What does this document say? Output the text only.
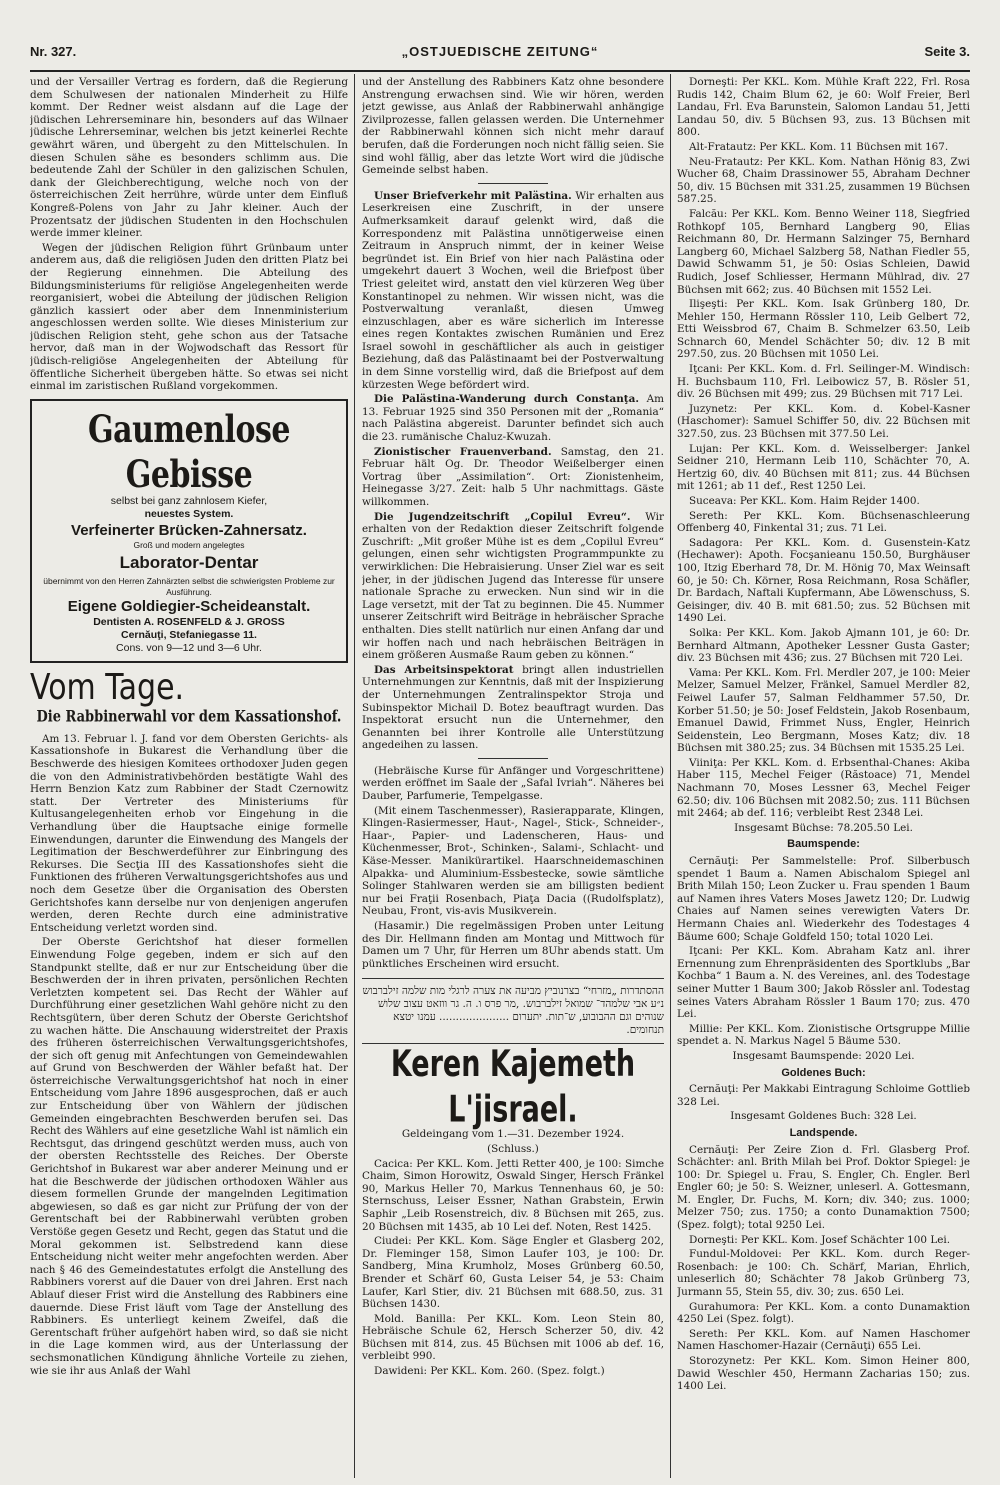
Nr. 327.	„OSTJUEDISCHE ZEITUNG“	Seite 3.

und der Versailler Vertrag es fordern, daß die Regierung dem Schulwesen der nationalen Minderheit zu Hilfe kommt. Der Redner weist alsdann auf die Lage der jüdischen Lehrerseminare hin, besonders auf das Wilnaer jüdische Lehrerseminar, welchen bis jetzt keinerlei Rechte gewährt wären, und übergeht zu den Mittelschulen. In diesen Schulen sähe es besonders schlimm aus. Die bedeutende Zahl der Schüler in den galizischen Schulen, dank der Gleichberechtigung, welche noch von der österreichischen Zeit herrühre, würde unter dem Einfluß Kongreß-Polens von Jahr zu Jahr kleiner. Auch der Prozentsatz der jüdischen Studenten in den Hochschulen werde immer kleiner.

Wegen der jüdischen Religion führt Grünbaum unter anderem aus, daß die religiösen Juden den dritten Platz bei der Regierung einnehmen. Die Abteilung des Bildungsministeriums für religiöse Angelegenheiten werde reorganisiert, wobei die Abteilung der jüdischen Religion gänzlich kassiert oder aber dem Innenministerium angeschlossen werden sollte. Wie dieses Ministerium zur jüdischen Religion steht, gehe schon aus der Tatsache hervor, daß man in der Wojwodschaft das Ressort für jüdisch-religiöse Angelegenheiten der Abteilung für öffentliche Sicherheit übergeben hätte. So etwas sei nicht einmal im zaristischen Rußland vorgekommen.

Gaumenlose Gebisse
selbst bei ganz zahnlosem Kiefer,
neuestes System.
Verfeinerter Brücken-Zahnersatz.
Groß und modern angelegtes
Laborator-Dentar
übernimmt von den Herren Zahnärzten selbst die schwierigsten Probleme zur Ausführung.
Eigene Goldiegier-Scheideanstalt.
Dentisten A. ROSENFELD & J. GROSS
Cernăuţi, Stefaniegasse 11.
Cons. von 9—12 und 3—6 Uhr.
Vom Tage.
Die Rabbinerwahl vor dem Kassationshof.

Am 13. Februar l. J. fand vor dem Obersten Gerichts- als Kassationshofe in Bukarest die Verhandlung über die Beschwerde des hiesigen Komitees orthodoxer Juden gegen die von den Administrativbehörden bestätigte Wahl des Herrn Benzion Katz zum Rabbiner der Stadt Czernowitz statt. Der Vertreter des Ministeriums für Kultusangelegenheiten erhob vor Eingehung in die Verhandlung über die Hauptsache einige formelle Einwendungen, darunter die Einwendung des Mangels der Legitimation der Beschwerdeführer zur Einbringung des Rekurses. Die Secţia III des Kassationshofes sieht die Funktionen des früheren Verwaltungsgerichtshofes aus und noch dem Gesetze über die Organisation des Obersten Gerichtshofes kann derselbe nur von denjenigen angerufen werden, deren Rechte durch eine administrative Entscheidung verletzt worden sind.

Der Oberste Gerichtshof hat dieser formellen Einwendung Folge gegeben, indem er sich auf den Standpunkt stellte, daß er nur zur Entscheidung über die Beschwerden der in ihren privaten, persönlichen Rechten Verletzten kompetent sei. Das Recht der Wähler auf Durchführung einer gesetzlichen Wahl gehöre nicht zu den Rechtsgütern, über deren Schutz der Oberste Gerichtshof zu wachen hätte. Die Anschauung widerstreitet der Praxis des früheren österreichischen Verwaltungsgerichtshofes, der sich oft genug mit Anfechtungen von Gemeindewahlen auf Grund von Beschwerden der Wähler befaßt hat. Der österreichische Verwaltungsgerichtshof hat noch in einer Entscheidung vom Jahre 1896 ausgesprochen, daß er auch zur Entscheidung über von Wählern der jüdischen Gemeinden eingebrachten Beschwerden berufen sei. Das Recht des Wählers auf eine gesetzliche Wahl ist nämlich ein Rechtsgut, das dringend geschützt werden muss, auch von der obersten Rechtsstelle des Reiches. Der Oberste Gerichtshof in Bukarest war aber anderer Meinung und er hat die Beschwerde der jüdischen orthodoxen Wähler aus diesem formellen Grunde der mangelnden Legitimation abgewiesen, so daß es gar nicht zur Prüfung der von der Gerentschaft bei der Rabbinerwahl verübten groben Verstöße gegen Gesetz und Recht, gegen das Statut und die Moral gekommen ist. Selbstredend kann diese Entscheidung nicht weiter mehr angefochten werden. Aber nach § 46 des Gemeindestatutes erfolgt die Anstellung des Rabbiners vorerst auf die Dauer von drei Jahren. Erst nach Ablauf dieser Frist wird die Anstellung des Rabbiners eine dauernde. Diese Frist läuft vom Tage der Anstellung des Rabbiners. Es unterliegt keinem Zweifel, daß die Gerentschaft früher aufgehört haben wird, so daß sie nicht in die Lage kommen wird, aus der Unterlassung der sechsmonatlichen Kündigung ähnliche Vorteile zu ziehen, wie sie ihr aus Anlaß der Wahl

und der Anstellung des Rabbiners Katz ohne besondere Anstrengung erwachsen sind. Wie wir hören, werden jetzt gewisse, aus Anlaß der Rabbinerwahl anhängige Zivilprozesse, fallen gelassen werden. Die Unternehmer der Rabbinerwahl können sich nicht mehr darauf berufen, daß die Forderungen noch nicht fällig seien. Sie sind wohl fällig, aber das letzte Wort wird die jüdische Gemeinde selbst haben.

Unser Briefverkehr mit Palästina. Wir erhalten aus Leserkreisen eine Zuschrift, in der unsere Aufmerksamkeit darauf gelenkt wird, daß die Korrespondenz mit Palästina unnötigerweise einen Zeitraum in Anspruch nimmt, der in keiner Weise begründet ist. Ein Brief von hier nach Palästina oder umgekehrt dauert 3 Wochen, weil die Briefpost über Triest geleitet wird, anstatt den viel kürzeren Weg über Konstantinopel zu nehmen. Wir wissen nicht, was die Postverwaltung veranlaßt, diesen Umweg einzuschlagen, aber es wäre sicherlich im Interesse eines regen Kontaktes zwischen Rumänien und Erez Israel sowohl in geschäftlicher als auch in geistiger Beziehung, daß das Palästinaamt bei der Postverwaltung in dem Sinne vorstellig wird, daß die Briefpost auf dem kürzesten Wege befördert wird.

Die Palästina-Wanderung durch Constanţa. Am 13. Februar 1925 sind 350 Personen mit der „Romania“ nach Palästina abgereist. Darunter befindet sich auch die 23. rumänische Chaluz-Kwuzah.

Zionistischer Frauenverband. Samstag, den 21. Februar hält Og. Dr. Theodor Weißelberger einen Vortrag über „Assimilation“. Ort: Zionistenheim, Heinegasse 3/27. Zeit: halb 5 Uhr nachmittags. Gäste willkommen.

Die Jugendzeitschrift „Copilul Evreu“. Wir erhalten von der Redaktion dieser Zeitschrift folgende Zuschrift: „Mit großer Mühe ist es dem „Copilul Evreu“ gelungen, einen sehr wichtigsten Programmpunkte zu verwirklichen: Die Hebraisierung. Unser Ziel war es seit jeher, in der jüdischen Jugend das Interesse für unsere nationale Sprache zu erwecken. Nun sind wir in die Lage versetzt, mit der Tat zu beginnen. Die 45. Nummer unserer Zeitschrift wird Beiträge in hebräischer Sprache enthalten. Dies stellt natürlich nur einen Anfang dar und wir hoffen nach und nach hebräischen Beiträgen in einem größeren Ausmaße Raum geben zu können.“

Das Arbeitsinspektorat bringt allen industriellen Unternehmungen zur Kenntnis, daß mit der Inspizierung der Unternehmungen Zentralinspektor Stroja und Subinspektor Michail D. Botez beauftragt wurden. Das Inspektorat ersucht nun die Unternehmer, den Genannten bei ihrer Kontrolle alle Unterstützung angedeihen zu lassen.

(Hebräische Kurse für Anfänger und Vorgeschrittene) werden eröffnet im Saale der „Safal Ivriah“. Näheres bei Dauber, Parfumerie, Tempelgasse.

(Mit einem Taschenmesser), Rasierapparate, Klingen, Klingen-Rasiermesser, Haut-, Nagel-, Stick-, Schneider-, Haar-, Papier- und Ladenscheren, Haus- und Küchenmesser, Brot-, Schinken-, Salami-, Schlacht- und Käse-Messer. Manikürartikel. Haarschneidemaschinen Alpakka- und Aluminium-Essbestecke, sowie sämtliche Solinger Stahlwaren werden sie am billigsten bedient nur bei Fraţii Rosenbach, Piaţa Dacia ((Rudolfsplatz), Neubau, Front, vis-avis Musikverein.

(Hasamir.) Die regelmässigen Proben unter Leitung des Dir. Hellmann finden am Montag und Mittwoch für Damen um 7 Uhr, für Herren um 8Uhr abends statt. Um pünktliches Erscheinen wird ersucht.

ההסתדרות „מזרחי“ בצרנוביץ מביעה את צערה לרגלי מות שלמה זילברבוש נ״ע אבי שלמהד־ שמואל זילברבוש. ,מר פרס ו. ה. גר ווזאט עצוב שלושׁ שנוהים וגם ההבובוע, ש־תות. יתערום ..................... עמנו יטצא תנחומים.
Keren Kajemeth L'jisrael.

Geldeingang vom 1.—31. Dezember 1924.

(Schluss.)

Cacica: Per KKL. Kom. Jetti Retter 400, je 100: Simche Chaim, Simon Horowitz, Oswald Singer, Hersch Fränkel 90, Markus Heller 70, Markus Tennenhaus 60, je 50: Sternschuss, Leiser Essner, Nathan Grabstein, Erwin Saphir „Leib Rosenstreich, div. 8 Büchsen mit 265, zus. 20 Büchsen mit 1435, ab 10 Lei def. Noten, Rest 1425.

Ciudei: Per KKL. Kom. Säge Engler et Glasberg 202, Dr. Fleminger 158, Simon Laufer 103, je 100: Dr. Sandberg, Mina Krumholz, Moses Grünberg 60.50, Brender et Schärf 60, Gusta Leiser 54, je 53: Chaim Laufer, Karl Stier, div. 21 Büchsen mit 688.50, zus. 31 Büchsen 1430.

Mold. Banilla: Per KKL. Kom. Leon Stein 80, Hebräische Schule 62, Hersch Scherzer 50, div. 42 Büchsen mit 814, zus. 45 Büchsen mit 1006 ab def. 16, verbleibt 990.

Dawideni: Per KKL. Kom. 260. (Spez. folgt.)

Dorneşti: Per KKL. Kom. Mühle Kraft 222, Frl. Rosa Rudis 142, Chaim Blum 62, je 60: Wolf Freier, Berl Landau, Frl. Eva Barunstein, Salomon Landau 51, Jetti Landau 50, div. 5 Büchsen 93, zus. 13 Büchsen mit 800.

Alt-Fratautz: Per KKL. Kom. 11 Büchsen mit 167.

Neu-Fratautz: Per KKL. Kom. Nathan Hönig 83, Zwi Wucher 68, Chaim Drassinower 55, Abraham Dechner 50, div. 15 Büchsen mit 331.25, zusammen 19 Büchsen 587.25.

Falcău: Per KKL. Kom. Benno Weiner 118, Siegfried Rothkopf 105, Bernhard Langberg 90, Elias Reichmann 80, Dr. Hermann Salzinger 75, Bernhard Langberg 60, Michael Salzberg 58, Nathan Fiedler 55, Dawid Schwamm 51, je 50: Osias Schleien, Dawid Rudich, Josef Schliesser, Hermann Mühlrad, div. 27 Büchsen mit 662; zus. 40 Büchsen mit 1552 Lei.

Ilişeşti: Per KKL. Kom. Isak Grünberg 180, Dr. Mehler 150, Hermann Rössler 110, Leib Gelbert 72, Etti Weissbrod 67, Chaim B. Schmelzer 63.50, Leib Schnarch 60, Mendel Schächter 50; div. 12 B mit 297.50, zus. 20 Büchsen mit 1050 Lei.

Iţcani: Per KKL. Kom. d. Frl. Seilinger-M. Windisch: H. Buchsbaum 110, Frl. Leibowicz 57, B. Rösler 51, div. 26 Büchsen mit 499; zus. 29 Büchsen mit 717 Lei.

Juzynetz: Per KKL. Kom. d. Kobel-Kasner (Haschomer): Samuel Schiffer 50, div. 22 Büchsen mit 327.50, zus. 23 Büchsen mit 377.50 Lei.

Lujan: Per KKL. Kom. d. Weisselberger: Jankel Seidner 210, Hermann Leib 110, Schächter 70, A. Hertzig 60, div. 40 Büchsen mit 811; zus. 44 Büchsen mit 1261; ab 11 def., Rest 1250 Lei.

Suceava: Per KKL. Kom. Haim Rejder 1400.

Sereth: Per KKL. Kom. Büchsenaschleerung Offenberg 40, Finkental 31; zus. 71 Lei.

Sadagora: Per KKL. Kom. d. Gusenstein-Katz (Hechawer): Apoth. Focşanieanu 150.50, Burghäuser 100, Itzig Eberhard 78, Dr. M. Hönig 70, Max Weinsaft 60, je 50: Ch. Körner, Rosa Reichmann, Rosa Schäfler, Dr. Bardach, Naftali Kupfermann, Abe Löwenschuss, S. Geisinger, div. 40 B. mit 681.50; zus. 52 Büchsen mit 1490 Lei.

Solka: Per KKL. Kom. Jakob Ajmann 101, je 60: Dr. Bernhard Altmann, Apotheker Lessner Gusta Gaster; div. 23 Büchsen mit 436; zus. 27 Büchsen mit 720 Lei.

Vama: Per KKL. Kom. Frl. Merdler 207, je 100: Meier Melzer, Samuel Melzer, Fränkel, Samuel Merdler 82, Feiwel Laufer 57, Salman Feldhammer 57.50, Dr. Korber 51.50; je 50: Josef Feldstein, Jakob Rosenbaum, Emanuel Dawid, Frimmet Nuss, Engler, Heinrich Seidenstein, Leo Bergmann, Moses Katz; div. 18 Büchsen mit 380.25; zus. 34 Büchsen mit 1535.25 Lei.

Viiniţa: Per KKL. Kom. d. Erbsenthal-Chanes: Akiba Haber 115, Mechel Feiger (Răstoace) 71, Mendel Nachmann 70, Moses Lessner 63, Mechel Feiger 62.50; div. 106 Büchsen mit 2082.50; zus. 111 Büchsen mit 2464; ab def. 116; verbleibt Rest 2348 Lei.

Insgesamt Büchse: 78.205.50 Lei.

Baumspende:

Cernăuţi: Per Sammelstelle: Prof. Silberbusch spendet 1 Baum a. Namen Abischalom Spiegel anl Brith Milah 150; Leon Zucker u. Frau spenden 1 Baum auf Namen ihres Vaters Moses Jawetz 120; Dr. Ludwig Chaies auf Namen seines verewigten Vaters Dr. Hermann Chaies anl. Wiederkehr des Todestages 4 Bäume 600; Schaje Goldfeld 150; total 1020 Lei.

Iţcani: Per KKL. Kom. Abraham Katz anl. ihrer Ernennung zum Ehrenpräsidenten des Sportklubs „Bar Kochba“ 1 Baum a. N. des Vereines, anl. des Todestage seiner Mutter 1 Baum 300; Jakob Rössler anl. Todestag seines Vaters Abraham Rössler 1 Baum 170; zus. 470 Lei.

Millie: Per KKL. Kom. Zionistische Ortsgruppe Millie spendet a. N. Markus Nagel 5 Bäume 530.

Insgesamt Baumspende: 2020 Lei.

Goldenes Buch:

Cernăuţi: Per Makkabi Eintragung Schloime Gottlieb 328 Lei.

Insgesamt Goldenes Buch: 328 Lei.

Landspende.

Cernăuţi: Per Zeire Zion d. Frl. Glasberg Prof. Schächter: anl. Brith Milah bei Prof. Doktor Spiegel: je 100: Dr. Spiegel u. Frau, S. Engler, Ch. Engler. Berl Engler 60; je 50: S. Weizner, unleserl. A. Gottesmann, M. Engler, Dr. Fuchs, M. Korn; div. 340; zus. 1000; Melzer 750; zus. 1750; a conto Dunamaktion 7500; (Spez. folgt); total 9250 Lei.

Dorneşti: Per KKL. Kom. Josef Schächter 100 Lei.

Fundul-Moldovei: Per KKL. Kom. durch Reger-Rosenbach: je 100: Ch. Schärf, Marian, Ehrlich, unleserlich 80; Schächter 78 Jakob Grünberg 73, Jurmann 55, Stein 55, div. 30; zus. 650 Lei.

Gurahumora: Per KKL. Kom. a conto Dunamaktion 4250 Lei (Spez. folgt).

Sereth: Per KKL. Kom. auf Namen Haschomer Namen Haschomer-Hazair (Cernăuţi) 655 Lei.

Storozynetz: Per KKL. Kom. Simon Heiner 800, Dawid Weschler 450, Hermann Zacharias 150; zus. 1400 Lei.
